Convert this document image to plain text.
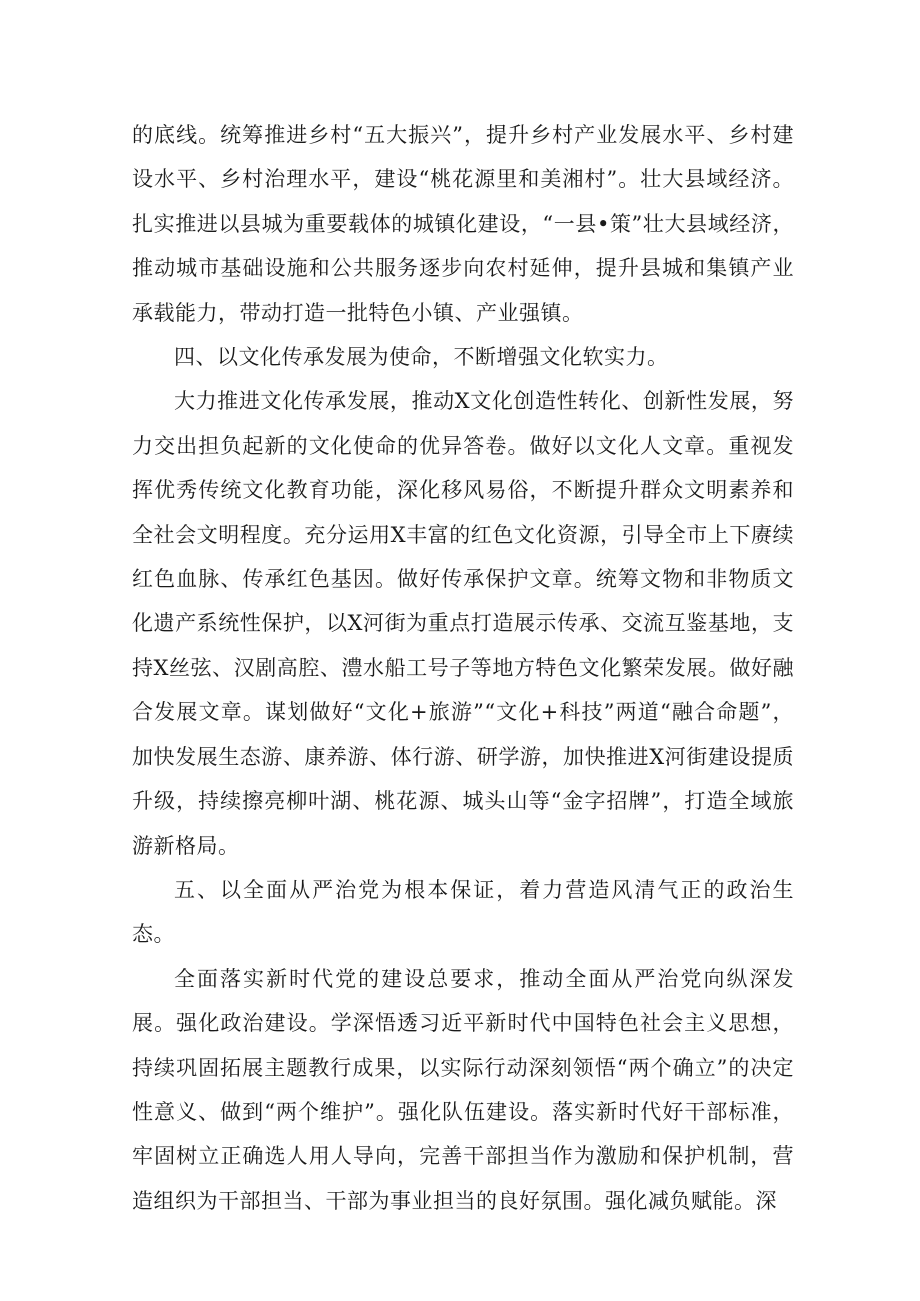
的底线。统筹推进乡村“五大振兴”，提升乡村产业发展水平、乡村建设水平、乡村治理水平，建设“桃花源里和美湘村”。壮大县域经济。扎实推进以县城为重要载体的城镇化建设，“一县•策”壮大县域经济，推动城市基础设施和公共服务逐步向农村延伸，提升县城和集镇产业承载能力，带动打造一批特色小镇、产业强镇。

四、以文化传承发展为使命，不断增强文化软实力。

大力推进文化传承发展，推动X文化创造性转化、创新性发展，努力交出担负起新的文化使命的优异答卷。做好以文化人文章。重视发挥优秀传统文化教育功能，深化移风易俗，不断提升群众文明素养和全社会文明程度。充分运用X丰富的红色文化资源，引导全市上下赓续红色血脉、传承红色基因。做好传承保护文章。统筹文物和非物质文化遗产系统性保护，以X河街为重点打造展示传承、交流互鉴基地，支持X丝弦、汉剧高腔、澧水船工号子等地方特色文化繁荣发展。做好融合发展文章。谋划做好“文化+旅游”“文化+科技”两道“融合命题”，加快发展生态游、康养游、体行游、研学游，加快推进X河街建设提质升级，持续擦亮柳叶湖、桃花源、城头山等“金字招牌”，打造全域旅游新格局。

五、以全面从严治党为根本保证，着力营造风清气正的政治生态。

全面落实新时代党的建设总要求，推动全面从严治党向纵深发展。强化政治建设。学深悟透习近平新时代中国特色社会主义思想，持续巩固拓展主题教行成果，以实际行动深刻领悟“两个确立”的决定性意义、做到“两个维护”。强化队伍建设。落实新时代好干部标准，牢固树立正确选人用人导向，完善干部担当作为激励和保护机制，营造组织为干部担当、干部为事业担当的良好氛围。强化减负赋能。深
